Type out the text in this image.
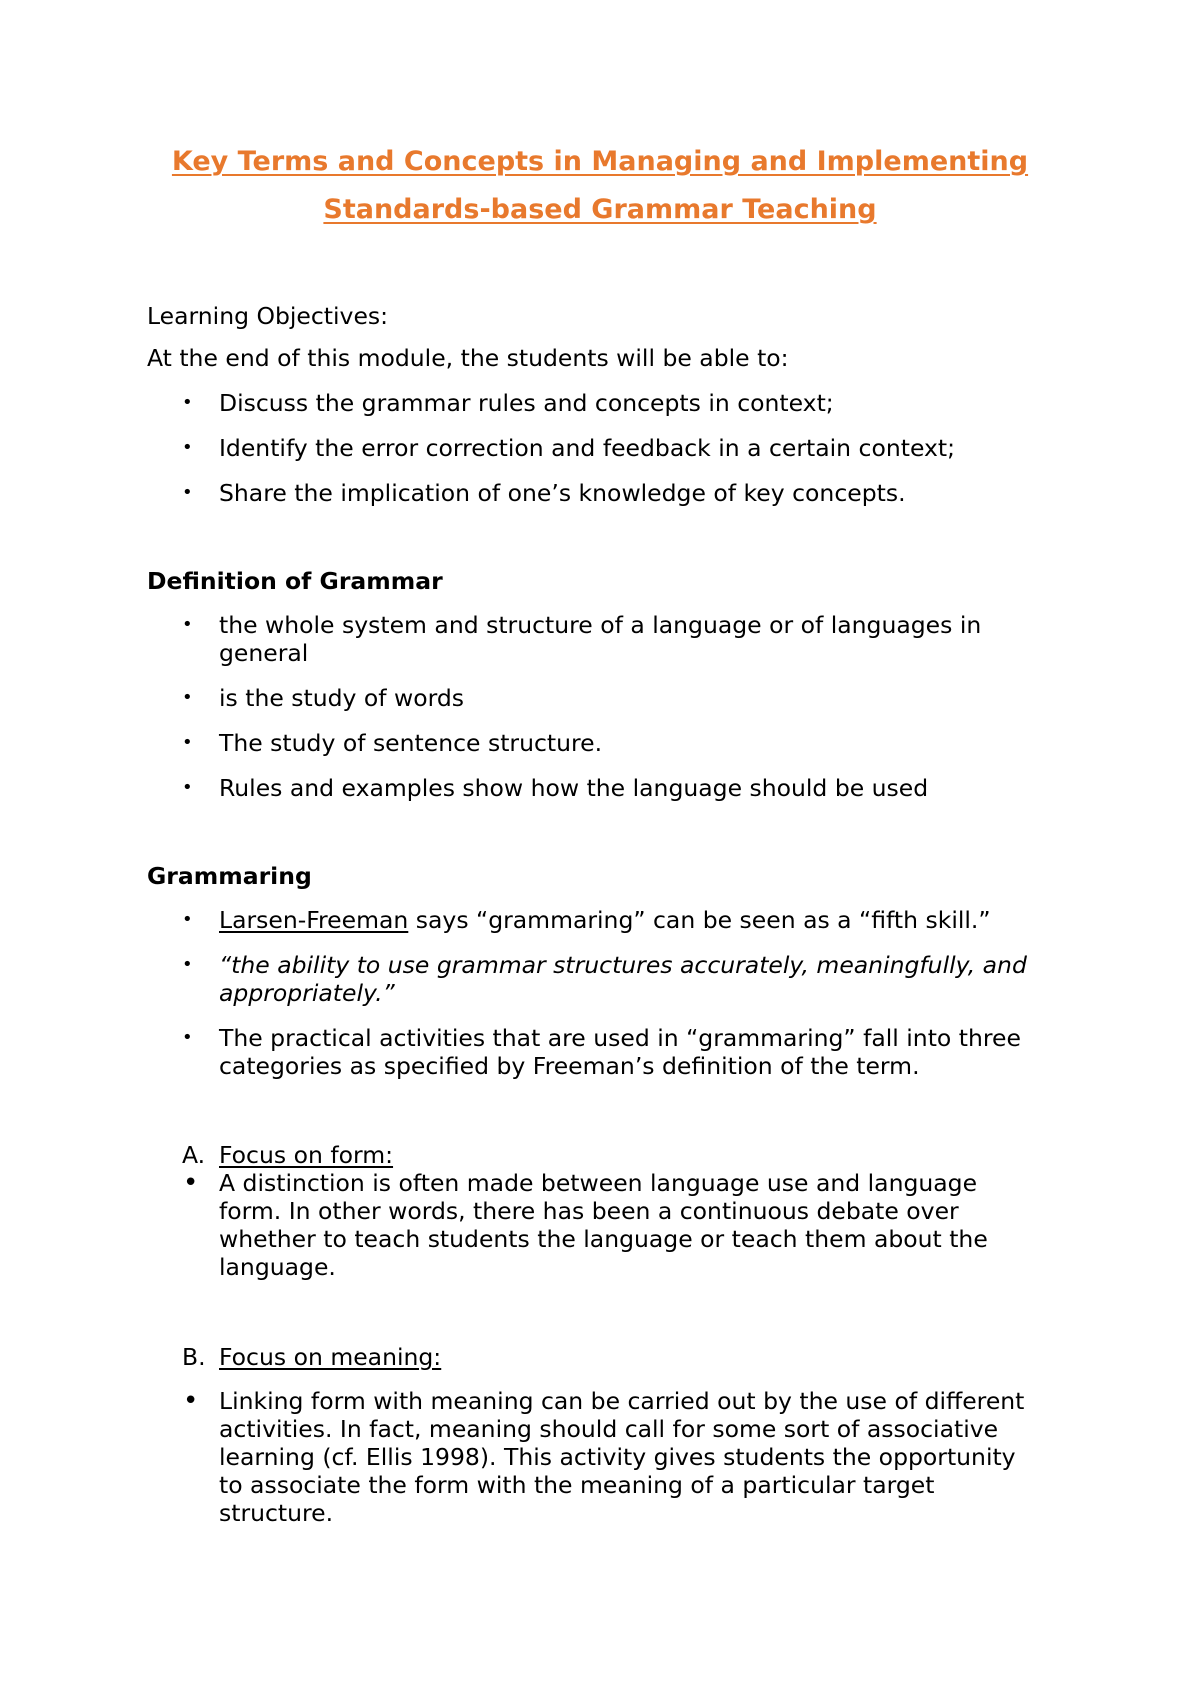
Key Terms and Concepts in Managing and Implementing
Standards-based Grammar Teaching
Learning Objectives:
At the end of this module, the students will be able to:
• Discuss the grammar rules and concepts in context;
• Identify the error correction and feedback in a certain context;
• Share the implication of one’s knowledge of key concepts.
Definition of Grammar
• the whole system and structure of a language or of languages in
general
• is the study of words
• The study of sentence structure.
• Rules and examples show how the language should be used
Grammaring
• Larsen-Freeman says “grammaring” can be seen as a “fifth skill.”
• “the ability to use grammar structures accurately, meaningfully, and
appropriately.”
• The practical activities that are used in “grammaring” fall into three
categories as specified by Freeman’s definition of the term.
A. Focus on form:
• A distinction is often made between language use and language
form. In other words, there has been a continuous debate over
whether to teach students the language or teach them about the
language.
B. Focus on meaning:
• Linking form with meaning can be carried out by the use of different
activities. In fact, meaning should call for some sort of associative
learning (cf. Ellis 1998). This activity gives students the opportunity
to associate the form with the meaning of a particular target
structure.
